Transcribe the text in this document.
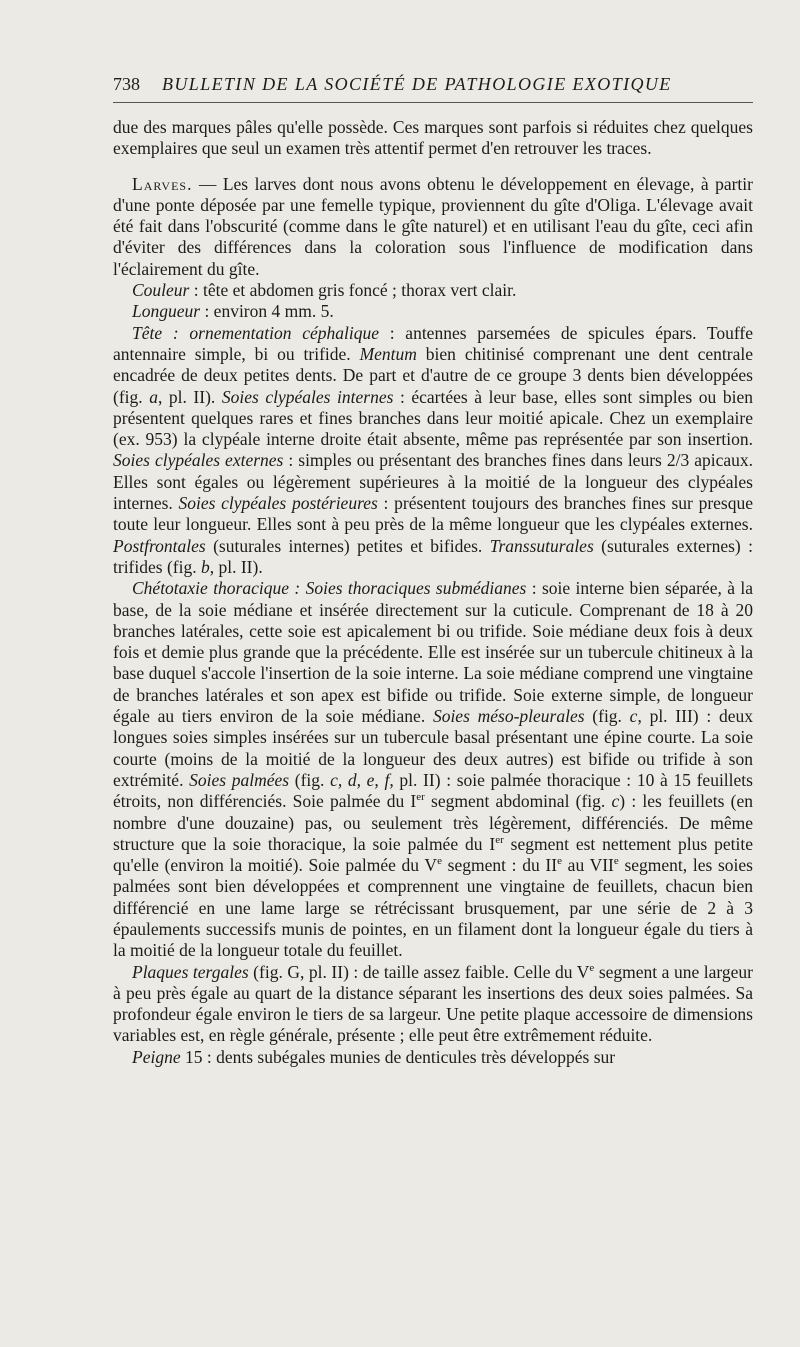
738 BULLETIN DE LA SOCIÉTÉ DE PATHOLOGIE EXOTIQUE

due des marques pâles qu'elle possède. Ces marques sont parfois si réduites chez quelques exemplaires que seul un examen très attentif permet d'en retrouver les traces.

Larves. — Les larves dont nous avons obtenu le développement en élevage, à partir d'une ponte déposée par une femelle typique, proviennent du gîte d'Oliga. L'élevage avait été fait dans l'obscurité (comme dans le gîte naturel) et en utilisant l'eau du gîte, ceci afin d'éviter des différences dans la coloration sous l'influence de modification dans l'éclairement du gîte.

Couleur : tête et abdomen gris foncé ; thorax vert clair.

Longueur : environ 4 mm. 5.

Tête : ornementation céphalique : antennes parsemées de spicules épars. Touffe antennaire simple, bi ou trifide. Mentum bien chitinisé comprenant une dent centrale encadrée de deux petites dents. De part et d'autre de ce groupe 3 dents bien développées (fig. a, pl. II). Soies clypéales internes : écartées à leur base, elles sont simples ou bien présentent quelques rares et fines branches dans leur moitié apicale. Chez un exemplaire (ex. 953) la clypéale interne droite était absente, même pas représentée par son insertion. Soies clypéales externes : simples ou présentant des branches fines dans leurs 2/3 apicaux. Elles sont égales ou légèrement supérieures à la moitié de la longueur des clypéales internes. Soies clypéales postérieures : présentent toujours des branches fines sur presque toute leur longueur. Elles sont à peu près de la même longueur que les clypéales externes. Postfrontales (suturales internes) petites et bifides. Transsuturales (suturales externes) : trifides (fig. b, pl. II).

Chétotaxie thoracique : Soies thoraciques submédianes : soie interne bien séparée, à la base, de la soie médiane et insérée directement sur la cuticule. Comprenant de 18 à 20 branches latérales, cette soie est apicalement bi ou trifide. Soie médiane deux fois à deux fois et demie plus grande que la précédente. Elle est insérée sur un tubercule chitineux à la base duquel s'accole l'insertion de la soie interne. La soie médiane comprend une vingtaine de branches latérales et son apex est bifide ou trifide. Soie externe simple, de longueur égale au tiers environ de la soie médiane. Soies méso-pleurales (fig. c, pl. III) : deux longues soies simples insérées sur un tubercule basal présentant une épine courte. La soie courte (moins de la moitié de la longueur des deux autres) est bifide ou trifide à son extrémité. Soies palmées (fig. c, d, e, f, pl. II) : soie palmée thoracique : 10 à 15 feuillets étroits, non différenciés. Soie palmée du Ier segment abdominal (fig. c) : les feuillets (en nombre d'une douzaine) pas, ou seulement très légèrement, différenciés. De même structure que la soie thoracique, la soie palmée du Ier segment est nettement plus petite qu'elle (environ la moitié). Soie palmée du Ve segment : du IIe au VIIe segment, les soies palmées sont bien développées et comprennent une vingtaine de feuillets, chacun bien différencié en une lame large se rétrécissant brusquement, par une série de 2 à 3 épaulements successifs munis de pointes, en un filament dont la longueur égale du tiers à la moitié de la longueur totale du feuillet.

Plaques tergales (fig. G, pl. II) : de taille assez faible. Celle du Ve segment a une largeur à peu près égale au quart de la distance séparant les insertions des deux soies palmées. Sa profondeur égale environ le tiers de sa largeur. Une petite plaque accessoire de dimensions variables est, en règle générale, présente ; elle peut être extrêmement réduite.

Peigne 15 : dents subégales munies de denticules très développés sur
